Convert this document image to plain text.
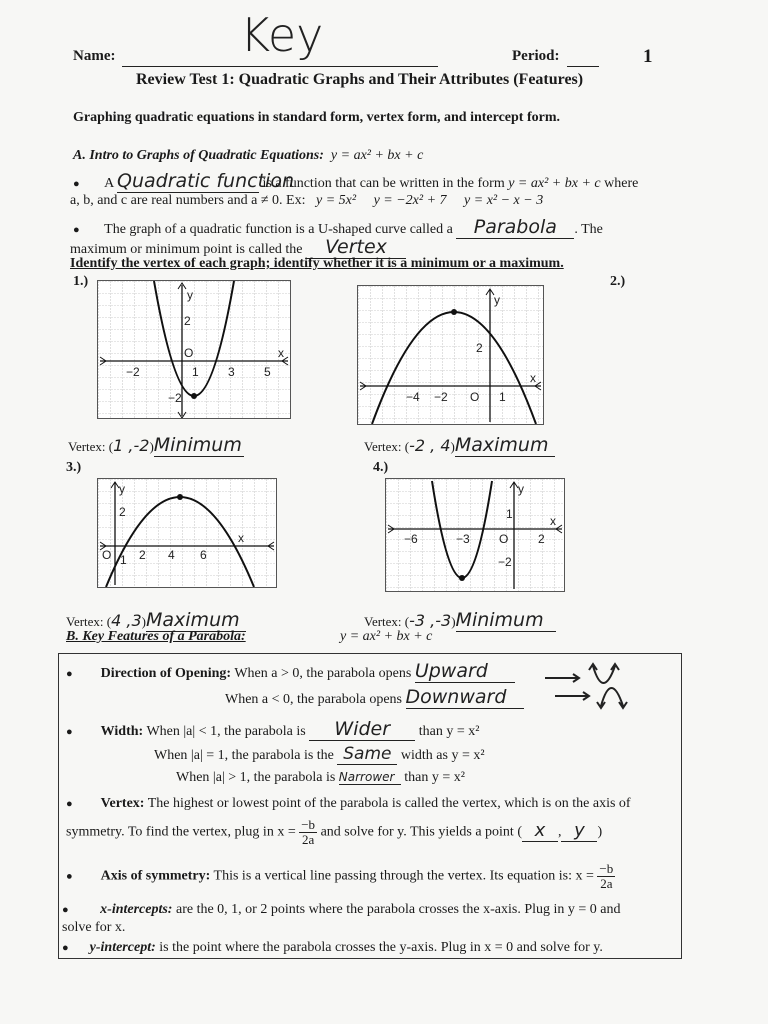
Name:	Key	Period:	1
Review Test 1: Quadratic Graphs and Their Attributes (Features)
Graphing quadratic equations in standard form, vertex form, and intercept form.
A. Intro to Graphs of Quadratic Equations: y = ax² + bx + c
● A Quadratic function is a function that can be written in the form y = ax² + bx + c where
a, b, and c are real numbers and a ≠ 0. Ex: y = 5x² y = −2x² + 7 y = x² − x − 3
● The graph of a quadratic function is a U-shaped curve called a Parabola . The
maximum or minimum point is called the Vertex
Identify the vertex of each graph; identify whether it is a minimum or a maximum.
1.)
y
x
2
O
−2	1 3 5
−2
Vertex: (1 ,-2)Minimum
2.)
y
x
2
−4 −2 O 1
Vertex: (-2 , 4)Maximum
3.)
y
x
2
O 1 2 4 6
Vertex: (4 ,3)Maximum
4.)
y
x
1
−6	−3 O 2
−2
Vertex: (-3 ,-3)Minimum
B. Key Features of a Parabola:	y = ax² + bx + c
● Direction of Opening: When a > 0, the parabola opens Upward
When a < 0, the parabola opens Downward
● Width: When |a| < 1, the parabola is Wider than y = x²
When |a| = 1, the parabola is the Same width as y = x²
When |a| > 1, the parabola is Narrower than y = x²
● Vertex: The highest or lowest point of the parabola is called the vertex, which is on the axis of
symmetry. To find the vertex, plug in $x = \frac{-b}{2a}$ and solve for y. This yields a point ( x , y )
● Axis of symmetry: This is a vertical line passing through the vertex. Its equation is: $x = \frac{-b}{2a}$
● x-intercepts: are the 0, 1, or 2 points where the parabola crosses the x-axis. Plug in y = 0 and
solve for x.
● y-intercept: is the point where the parabola crosses the y-axis. Plug in x = 0 and solve for y.
